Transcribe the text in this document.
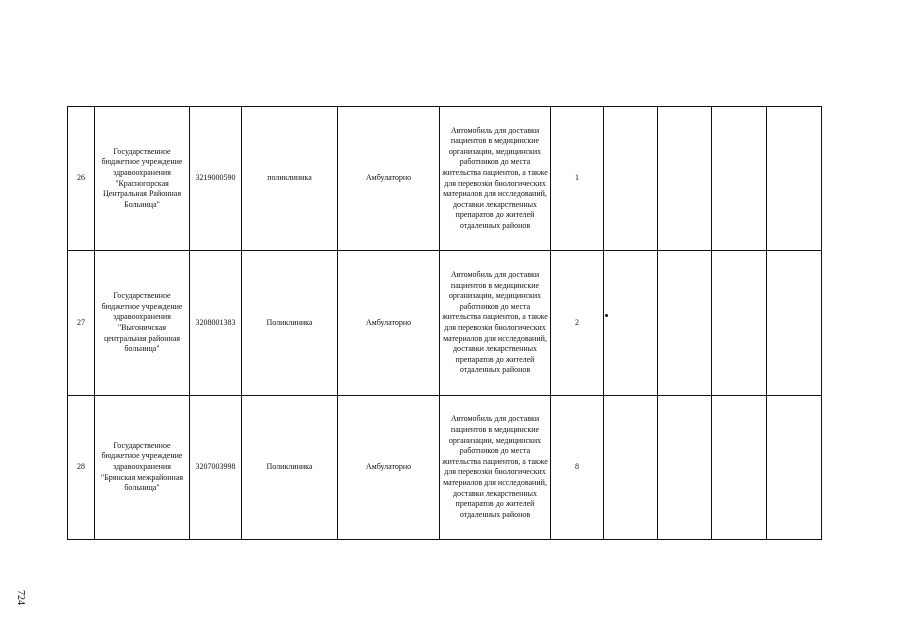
26	Государственное бюджетное учреждение здравоохранения "Красногорская Центральная Районная Больница"	3219000590	поликлиника	Амбулаторно	Автомобиль для доставки пациентов в медицинские организации, медицинских работников до места жительства пациентов, а также для перевозки биологических материалов для исследований, доставки лекарственных препаратов до жителей отдаленных районов	1				
27	Государственное бюджетное учреждение здравоохранения "Выгоничская центральная районная больница"	3208001383	Поликлиника	Амбулаторно	Автомобиль для доставки пациентов в медицинские организации, медицинских работников до места жительства пациентов, а также для перевозки биологических материалов для исследований, доставки лекарственных препаратов до жителей отдаленных районов	2				
28	Государственное бюджетное учреждение здравоохранения "Брянская межрайонная больница"	3207003998	Поликлиника	Амбулаторно	Автомобиль для доставки пациентов в медицинские организации, медицинских работников до места жительства пациентов, а также для перевозки биологических материалов для исследований, доставки лекарственных препаратов до жителей отдаленных районов	8				
724
